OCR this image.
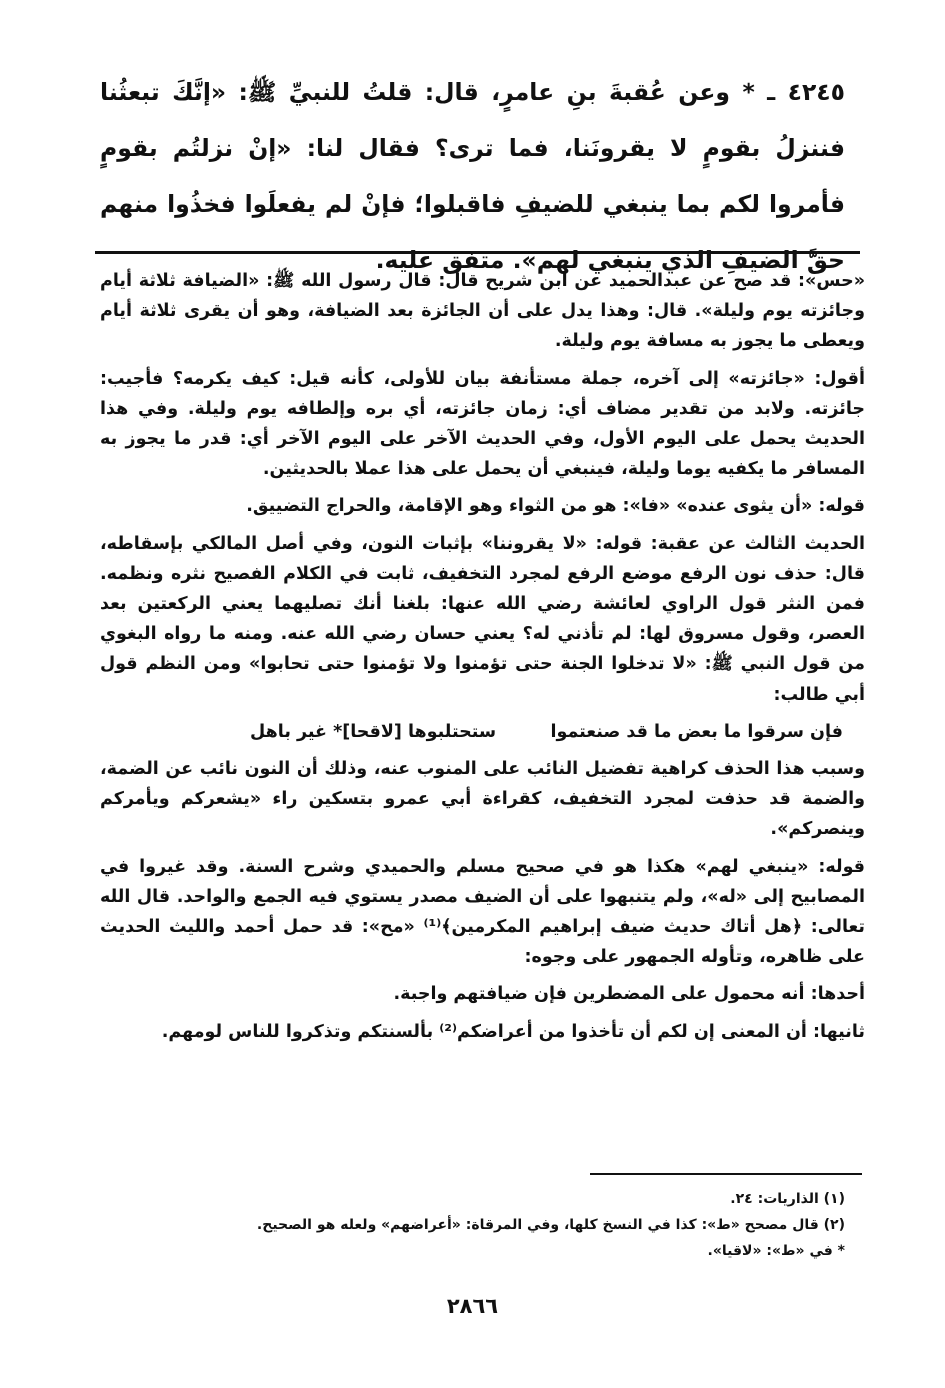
٤٢٤٥ ـ * وعن عُقبةَ بنِ عامرٍ، قال: قلتُ للنبيِّ ﷺ: «إنَّكَ تبعثُنا فننزلُ بقومٍ لا يقرونَنا، فما ترى؟ فقال لنا: «إنْ نزلتُم بقومٍ فأمروا لكم بما ينبغي للضيفِ فاقبلوا؛ فإنْ لم يفعلَوا فخذُوا منهم حقَّ الضيفِ الذي ينبغي لهم». متفق عليه.

«حس»: قد صح عن عبدالحميد عن ابن شريح قال: قال رسول الله ﷺ: «الضيافة ثلاثة أيام وجائزته يوم وليلة». قال: وهذا يدل على أن الجائزة بعد الضيافة، وهو أن يقرى ثلاثة أيام ويعطى ما يجوز به مسافة يوم وليلة.

أقول: «جائزته» إلى آخره، جملة مستأنفة بيان للأولى، كأنه قيل: كيف يكرمه؟ فأجيب: جائزته. ولابد من تقدير مضاف أي: زمان جائزته، أي بره وإلطافه يوم وليلة. وفي هذا الحديث يحمل على اليوم الأول، وفي الحديث الآخر على اليوم الآخر أي: قدر ما يجوز به المسافر ما يكفيه يوما وليلة، فينبغي أن يحمل على هذا عملا بالحديثين.

قوله: «أن يثوى عنده» «فا»: هو من الثواء وهو الإقامة، والحراج التضييق.

الحديث الثالث عن عقبة: قوله: «لا يقروننا» بإثبات النون، وفي أصل المالكي بإسقاطه، قال: حذف نون الرفع موضع الرفع لمجرد التخفيف، ثابت في الكلام الفصيح نثره ونظمه. فمن النثر قول الراوي لعائشة رضي الله عنها: بلغنا أنك تصليهما يعني الركعتين بعد العصر، وقول مسروق لها: لم تأذني له؟ يعني حسان رضي الله عنه. ومنه ما رواه البغوي من قول النبي ﷺ: «لا تدخلوا الجنة حتى تؤمنوا ولا تؤمنوا حتى تحابوا» ومن النظم قول أبي طالب:

فإن سرقوا ما بعض ما قد صنعتموا
ستحتلبوها [لاقحا]* غير باهل

وسبب هذا الحذف كراهية تفضيل النائب على المنوب عنه، وذلك أن النون نائب عن الضمة، والضمة قد حذفت لمجرد التخفيف، كقراءة أبي عمرو بتسكين راء «يشعركم ويأمركم وينصركم».

قوله: «ينبغي لهم» هكذا هو في صحيح مسلم والحميدي وشرح السنة. وقد غيروا في المصابيح إلى «له»، ولم يتنبهوا على أن الضيف مصدر يستوي فيه الجمع والواحد. قال الله تعالى: ﴿هل أتاك حديث ضيف إبراهيم المكرمين﴾⁽¹⁾ «مح»: قد حمل أحمد والليث الحديث على ظاهره، وتأوله الجمهور على وجوه:

أحدها: أنه محمول على المضطرين فإن ضيافتهم واجبة.

ثانيها: أن المعنى إن لكم أن تأخذوا من أعراضكم⁽²⁾ بألسنتكم وتذكروا للناس لومهم.

(١) الذاريات: ٢٤.
(٢) قال مصحح «ط»: كذا في النسخ كلها، وفي المرقاة: «أعراضهم» ولعله هو الصحيح.
* في «ط»: «لاقيا».
٢٨٦٦
